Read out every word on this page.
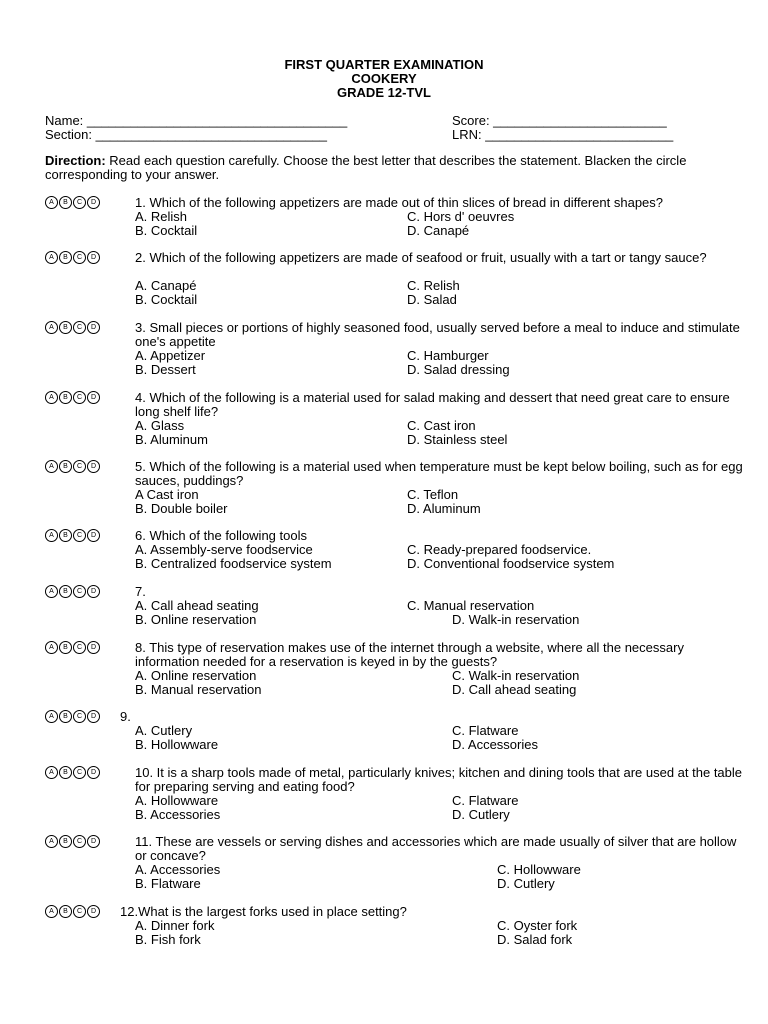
FIRST QUARTER EXAMINATION
COOKERY
GRADE 12-TVL
Name: ____________________________________
Section: ________________________________
Score: ________________________
LRN: __________________________
Direction: Read each question carefully. Choose the best letter that describes the statement. Blacken the circle corresponding to your answer.
A	B	C	D	1. Which of the following appetizers are made out of thin slices of bread in different shapes?
A. Relish
B. Cocktail
C. Hors d' oeuvres
D. Canapé
A	B	C	D	2. Which of the following appetizers are made of seafood or fruit, usually with a tart or tangy sauce?
A. Canapé
B. Cocktail
C. Relish
D. Salad
A	B	C	D	3. Small pieces or portions of highly seasoned food, usually served before a meal to induce and stimulate one's appetite
A. Appetizer
B. Dessert
C. Hamburger
D. Salad dressing
A	B	C	D	4. Which of the following is a material used for salad making and dessert that need great care to ensure long shelf life?
A. Glass
B. Aluminum
C. Cast iron
D. Stainless steel
A	B	C	D	5. Which of the following is a material used when temperature must be kept below boiling, such as for egg sauces, puddings?
A Cast iron
B. Double boiler
C. Teflon
D. Aluminum
A	B	C	D	6. Which of the following tools
A. Assembly-serve foodservice
B. Centralized foodservice system
C. Ready-prepared foodservice.
D. Conventional foodservice system
A	B	C	D	7.
A. Call ahead seating
B. Online reservation
C. Manual reservation
D. Walk-in reservation
A	B	C	D	8. This type of reservation makes use of the internet through a website, where all the necessary information needed for a reservation is keyed in by the guests?
A. Online reservation
B. Manual reservation
C. Walk-in reservation
D. Call ahead seating
A	B	C	D	9.
A. Cutlery
B. Hollowware
C. Flatware
D. Accessories
A	B	C	D	10. It is a sharp tools made of metal, particularly knives; kitchen and dining tools that are used at the table for preparing serving and eating food?
A. Hollowware
B. Accessories
C. Flatware
D. Cutlery
A	B	C	D	11. These are vessels or serving dishes and accessories which are made usually of silver that are hollow or concave?
A. Accessories
B. Flatware
C. Hollowware
D. Cutlery
A	B	C	D	12.What is the largest forks used in place setting?
A. Dinner fork
B. Fish fork
C. Oyster fork
D. Salad fork
